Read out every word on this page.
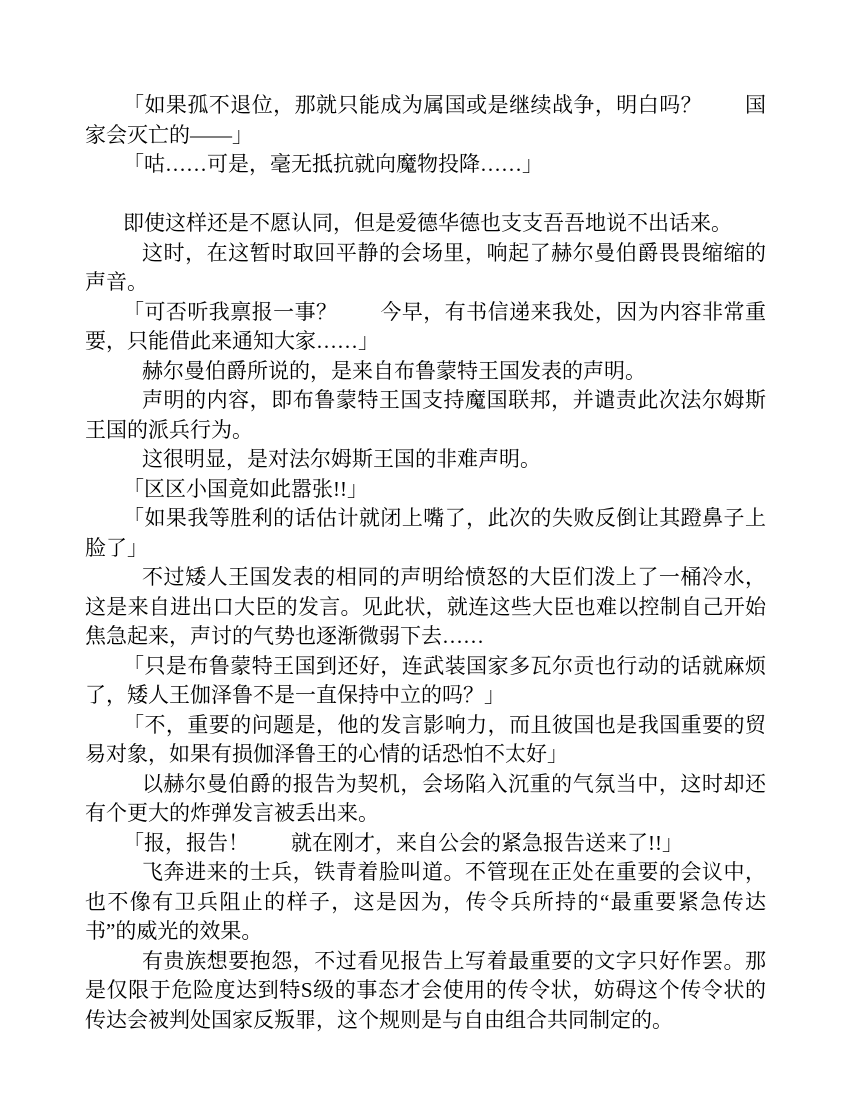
「如果孤不退位，那就只能成为属国或是继续战争，明白吗？　　国家会灭亡的——」

「咕……可是，毫无抵抗就向魔物投降……」

即使这样还是不愿认同，但是爱德华德也支支吾吾地说不出话来。

这时，在这暂时取回平静的会场里，响起了赫尔曼伯爵畏畏缩缩的声音。

「可否听我禀报一事？　　今早，有书信递来我处，因为内容非常重要，只能借此来通知大家……」

赫尔曼伯爵所说的，是来自布鲁蒙特王国发表的声明。

声明的内容，即布鲁蒙特王国支持魔国联邦，并谴责此次法尔姆斯王国的派兵行为。

这很明显，是对法尔姆斯王国的非难声明。

「区区小国竟如此嚣张!!」

「如果我等胜利的话估计就闭上嘴了，此次的失败反倒让其蹬鼻子上脸了」

不过矮人王国发表的相同的声明给愤怒的大臣们泼上了一桶冷水，这是来自进出口大臣的发言。见此状，就连这些大臣也难以控制自己开始焦急起来，声讨的气势也逐渐微弱下去……

「只是布鲁蒙特王国到还好，连武装国家多瓦尔贡也行动的话就麻烦了，矮人王伽泽鲁不是一直保持中立的吗？」

「不，重要的问题是，他的发言影响力，而且彼国也是我国重要的贸易对象，如果有损伽泽鲁王的心情的话恐怕不太好」

以赫尔曼伯爵的报告为契机，会场陷入沉重的气氛当中，这时却还有个更大的炸弹发言被丢出来。

「报，报告！　　就在刚才，来自公会的紧急报告送来了!!」

飞奔进来的士兵，铁青着脸叫道。不管现在正处在重要的会议中，也不像有卫兵阻止的样子，这是因为，传令兵所持的“最重要紧急传达书”的威光的效果。

有贵族想要抱怨，不过看见报告上写着最重要的文字只好作罢。那是仅限于危险度达到特S级的事态才会使用的传令状，妨碍这个传令状的传达会被判处国家反叛罪，这个规则是与自由组合共同制定的。
